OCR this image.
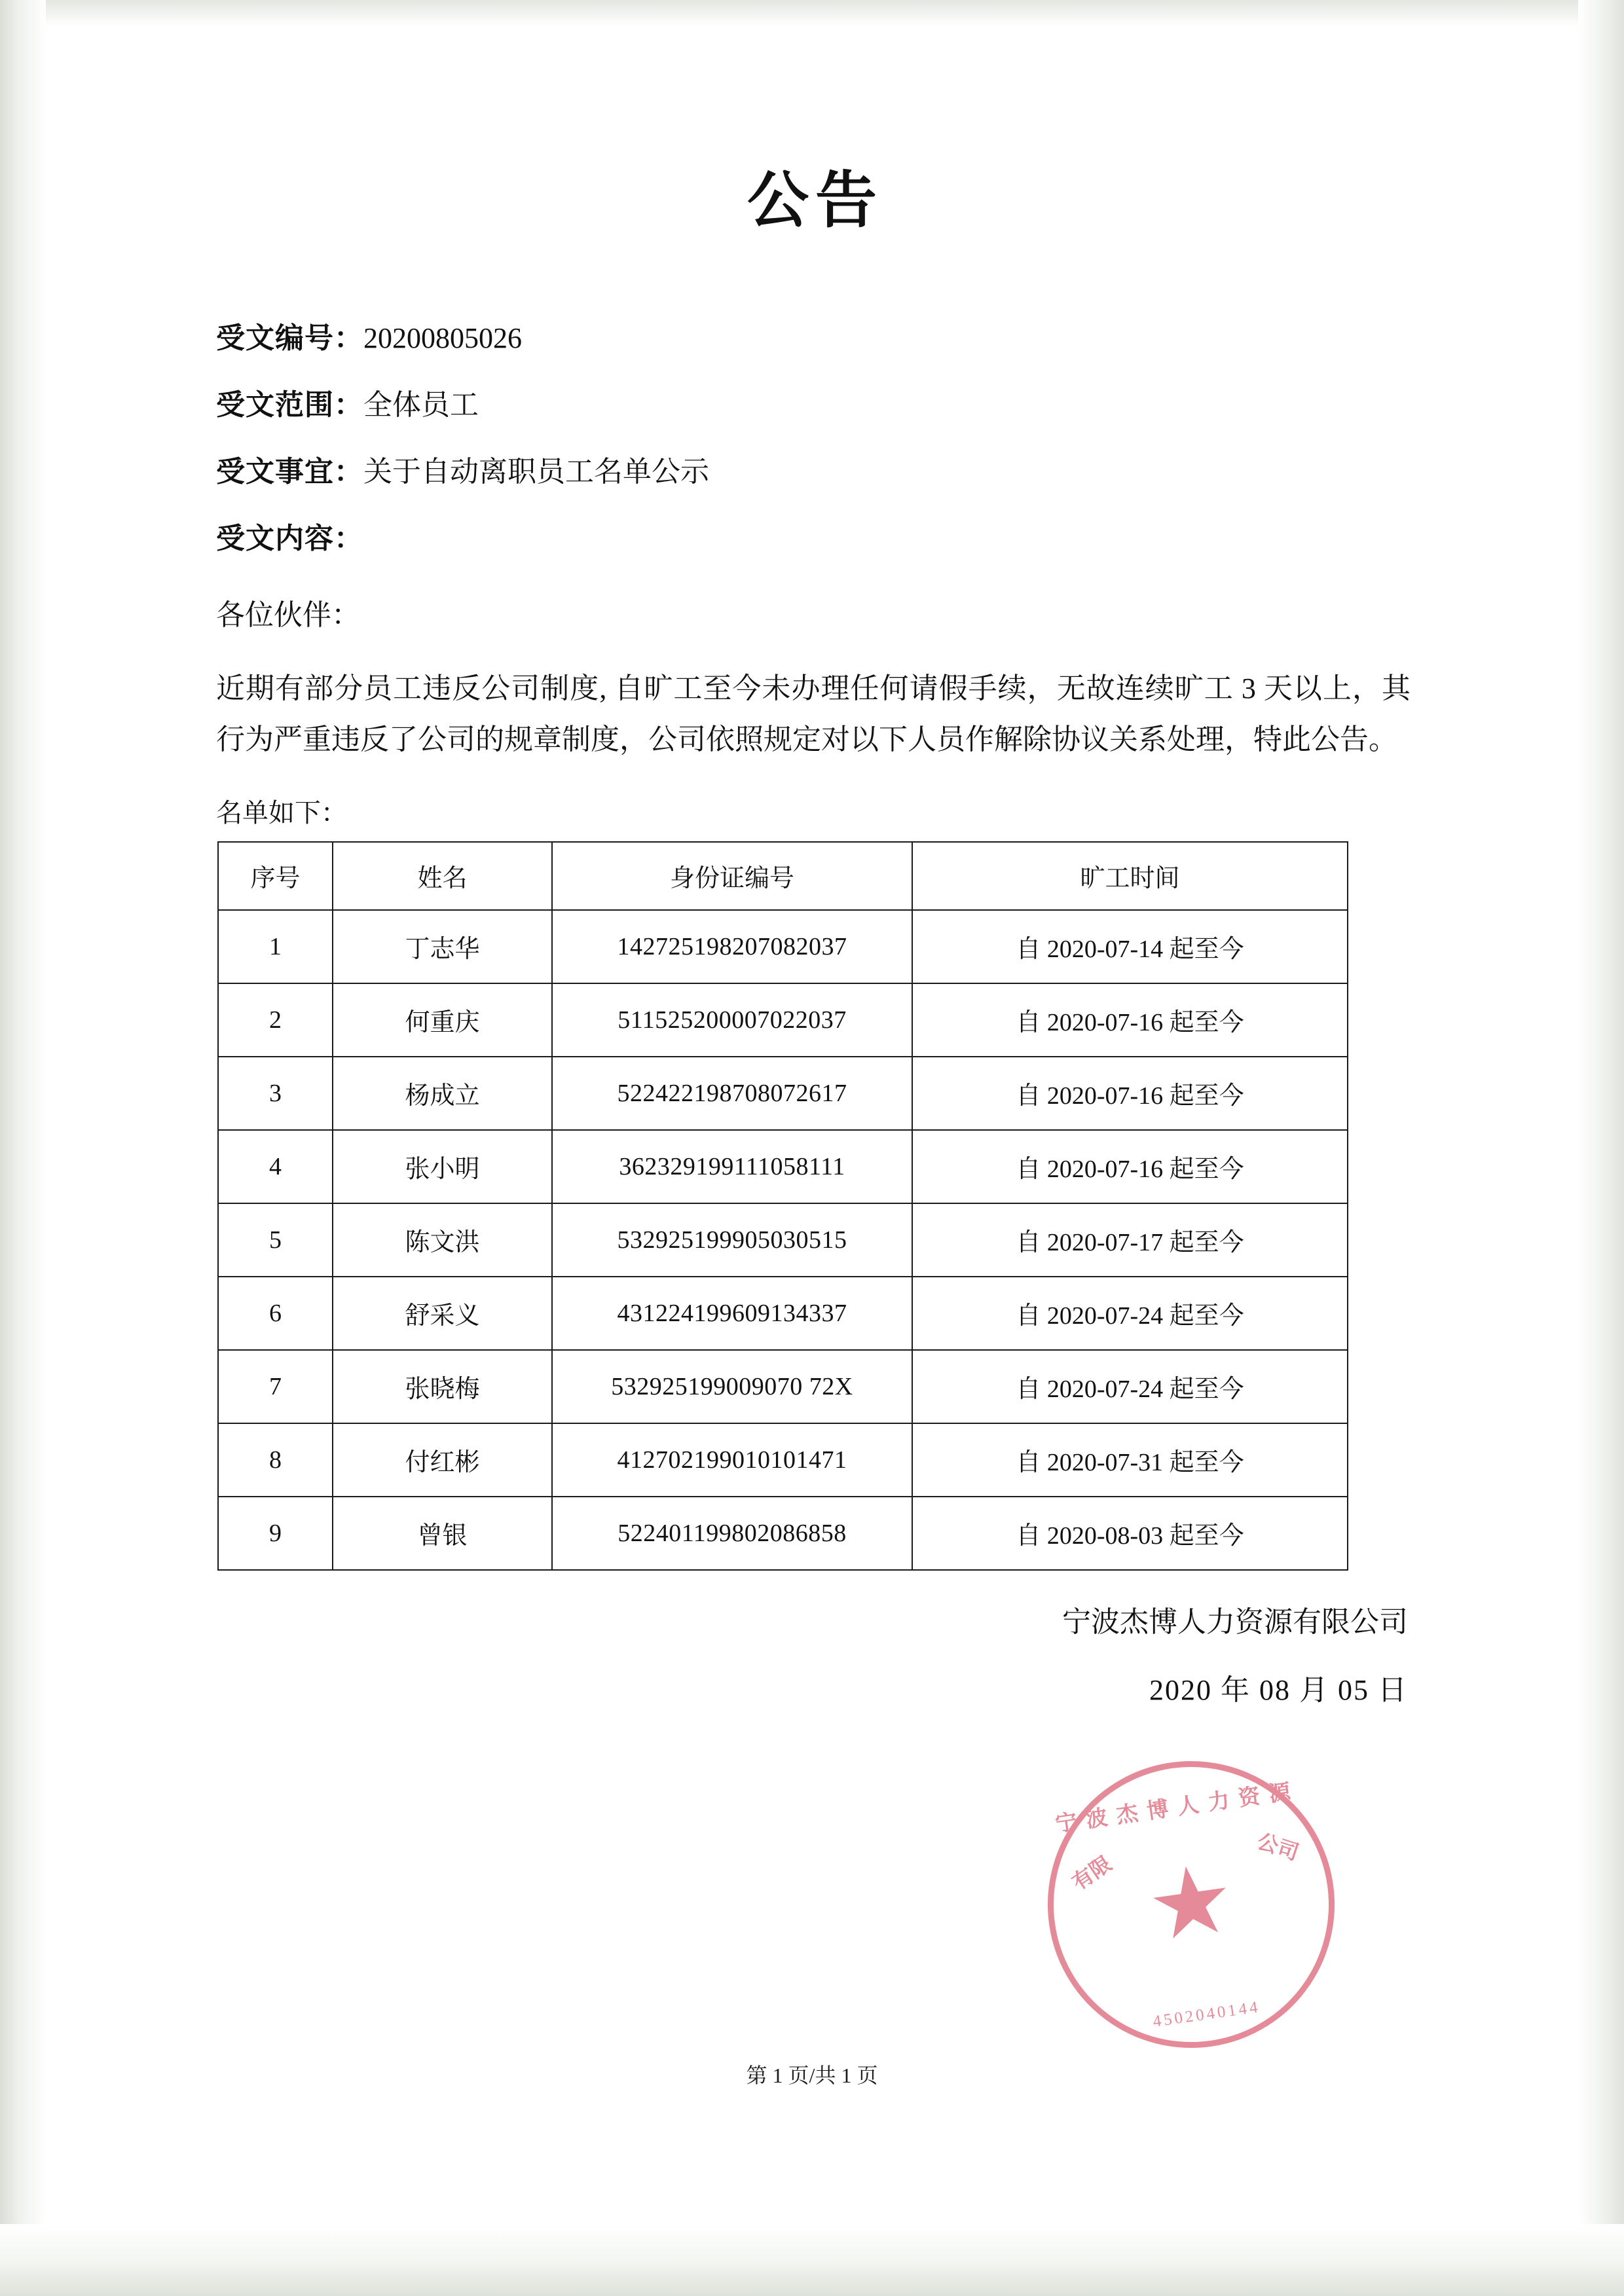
公告
受文编号：20200805026
受文范围：全体员工
受文事宜：关于自动离职员工名单公示
受文内容：
各位伙伴：
近期有部分员工违反公司制度, 自旷工至今未办理任何请假手续，无故连续旷工 3 天以上，其行为严重违反了公司的规章制度，公司依照规定对以下人员作解除协议关系处理，特此公告。
名单如下：
序号	姓名	身份证编号	旷工时间
1	丁志华	142725198207082037	自 2020-07-14 起至今
2	何重庆	511525200007022037	自 2020-07-16 起至今
3	杨成立	522422198708072617	自 2020-07-16 起至今
4	张小明	362329199111058111	自 2020-07-16 起至今
5	陈文洪	532925199905030515	自 2020-07-17 起至今
6	舒采义	431224199609134337	自 2020-07-24 起至今
7	张晓梅	532925199009070 72X	自 2020-07-24 起至今
8	付红彬	412702199010101471	自 2020-07-31 起至今
9	曾银	522401199802086858	自 2020-08-03 起至今
宁波杰博人力资源有限公司
2020 年 08 月 05 日
宁波杰博人力资源
有限
公司
★
4502040144
第 1 页/共 1 页
